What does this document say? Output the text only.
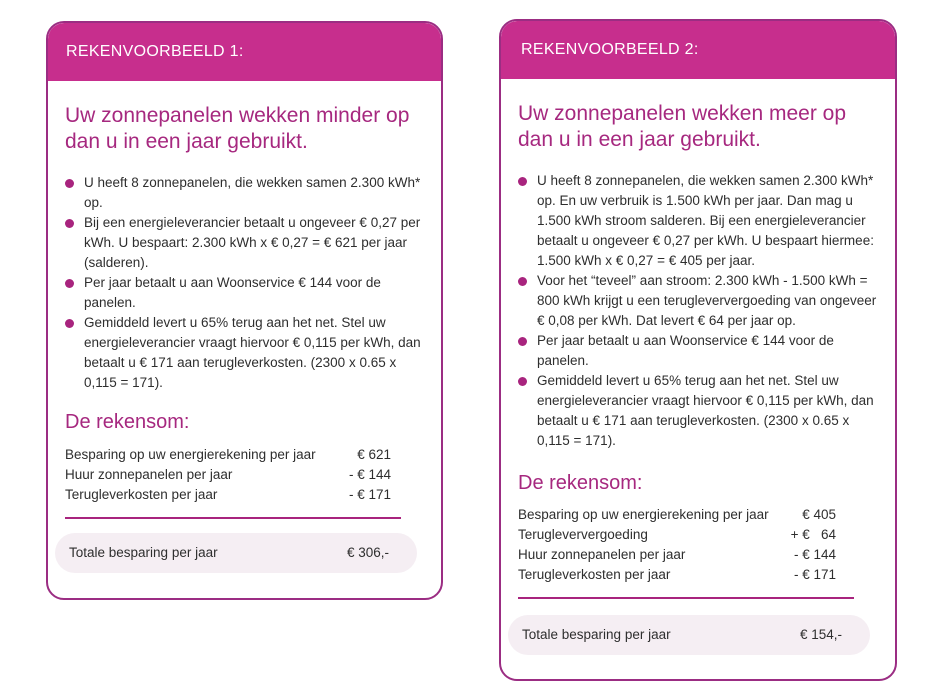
REKENVOORBEELD 1:
Uw zonnepanelen wekken minder op dan u in een jaar gebruikt.
U heeft 8 zonnepanelen, die wekken samen 2.300 kWh* op.
Bij een energieleverancier betaalt u ongeveer € 0,27 per kWh. U bespaart: 2.300 kWh x € 0,27 = € 621 per jaar (salderen).
Per jaar betaalt u aan Woonservice € 144 voor de panelen.
Gemiddeld levert u 65% terug aan het net. Stel uw energieleverancier vraagt hiervoor € 0,115 per kWh, dan betaalt u € 171 aan terugleverkosten. (2300 x 0.65 x 0,115 = 171).
De rekensom:
Besparing op uw energierekening per jaar	€ 621
Huur zonnepanelen per jaar	- € 144
Terugleverkosten per jaar	- € 171
Totale besparing per jaar	€ 306,-
REKENVOORBEELD 2:
Uw zonnepanelen wekken meer op dan u in een jaar gebruikt.
U heeft 8 zonnepanelen, die wekken samen 2.300 kWh* op. En uw verbruik is 1.500 kWh per jaar. Dan mag u 1.500 kWh stroom salderen. Bij een energieleverancier betaalt u ongeveer € 0,27 per kWh. U bespaart hiermee: 1.500 kWh x € 0,27 = € 405 per jaar.
Voor het “teveel” aan stroom: 2.300 kWh - 1.500 kWh = 800 kWh krijgt u een terugleververgoeding van ongeveer € 0,08 per kWh. Dat levert € 64 per jaar op.
Per jaar betaalt u aan Woonservice € 144 voor de panelen.
Gemiddeld levert u 65% terug aan het net. Stel uw energieleverancier vraagt hiervoor € 0,115 per kWh, dan betaalt u € 171 aan terugleverkosten. (2300 x 0.65 x 0,115 = 171).
De rekensom:
Besparing op uw energierekening per jaar € 405
Terugleververgoeding	+ €   64
Huur zonnepanelen per jaar	- € 144
Terugleverkosten per jaar	- € 171
Totale besparing per jaar	€ 154,-
